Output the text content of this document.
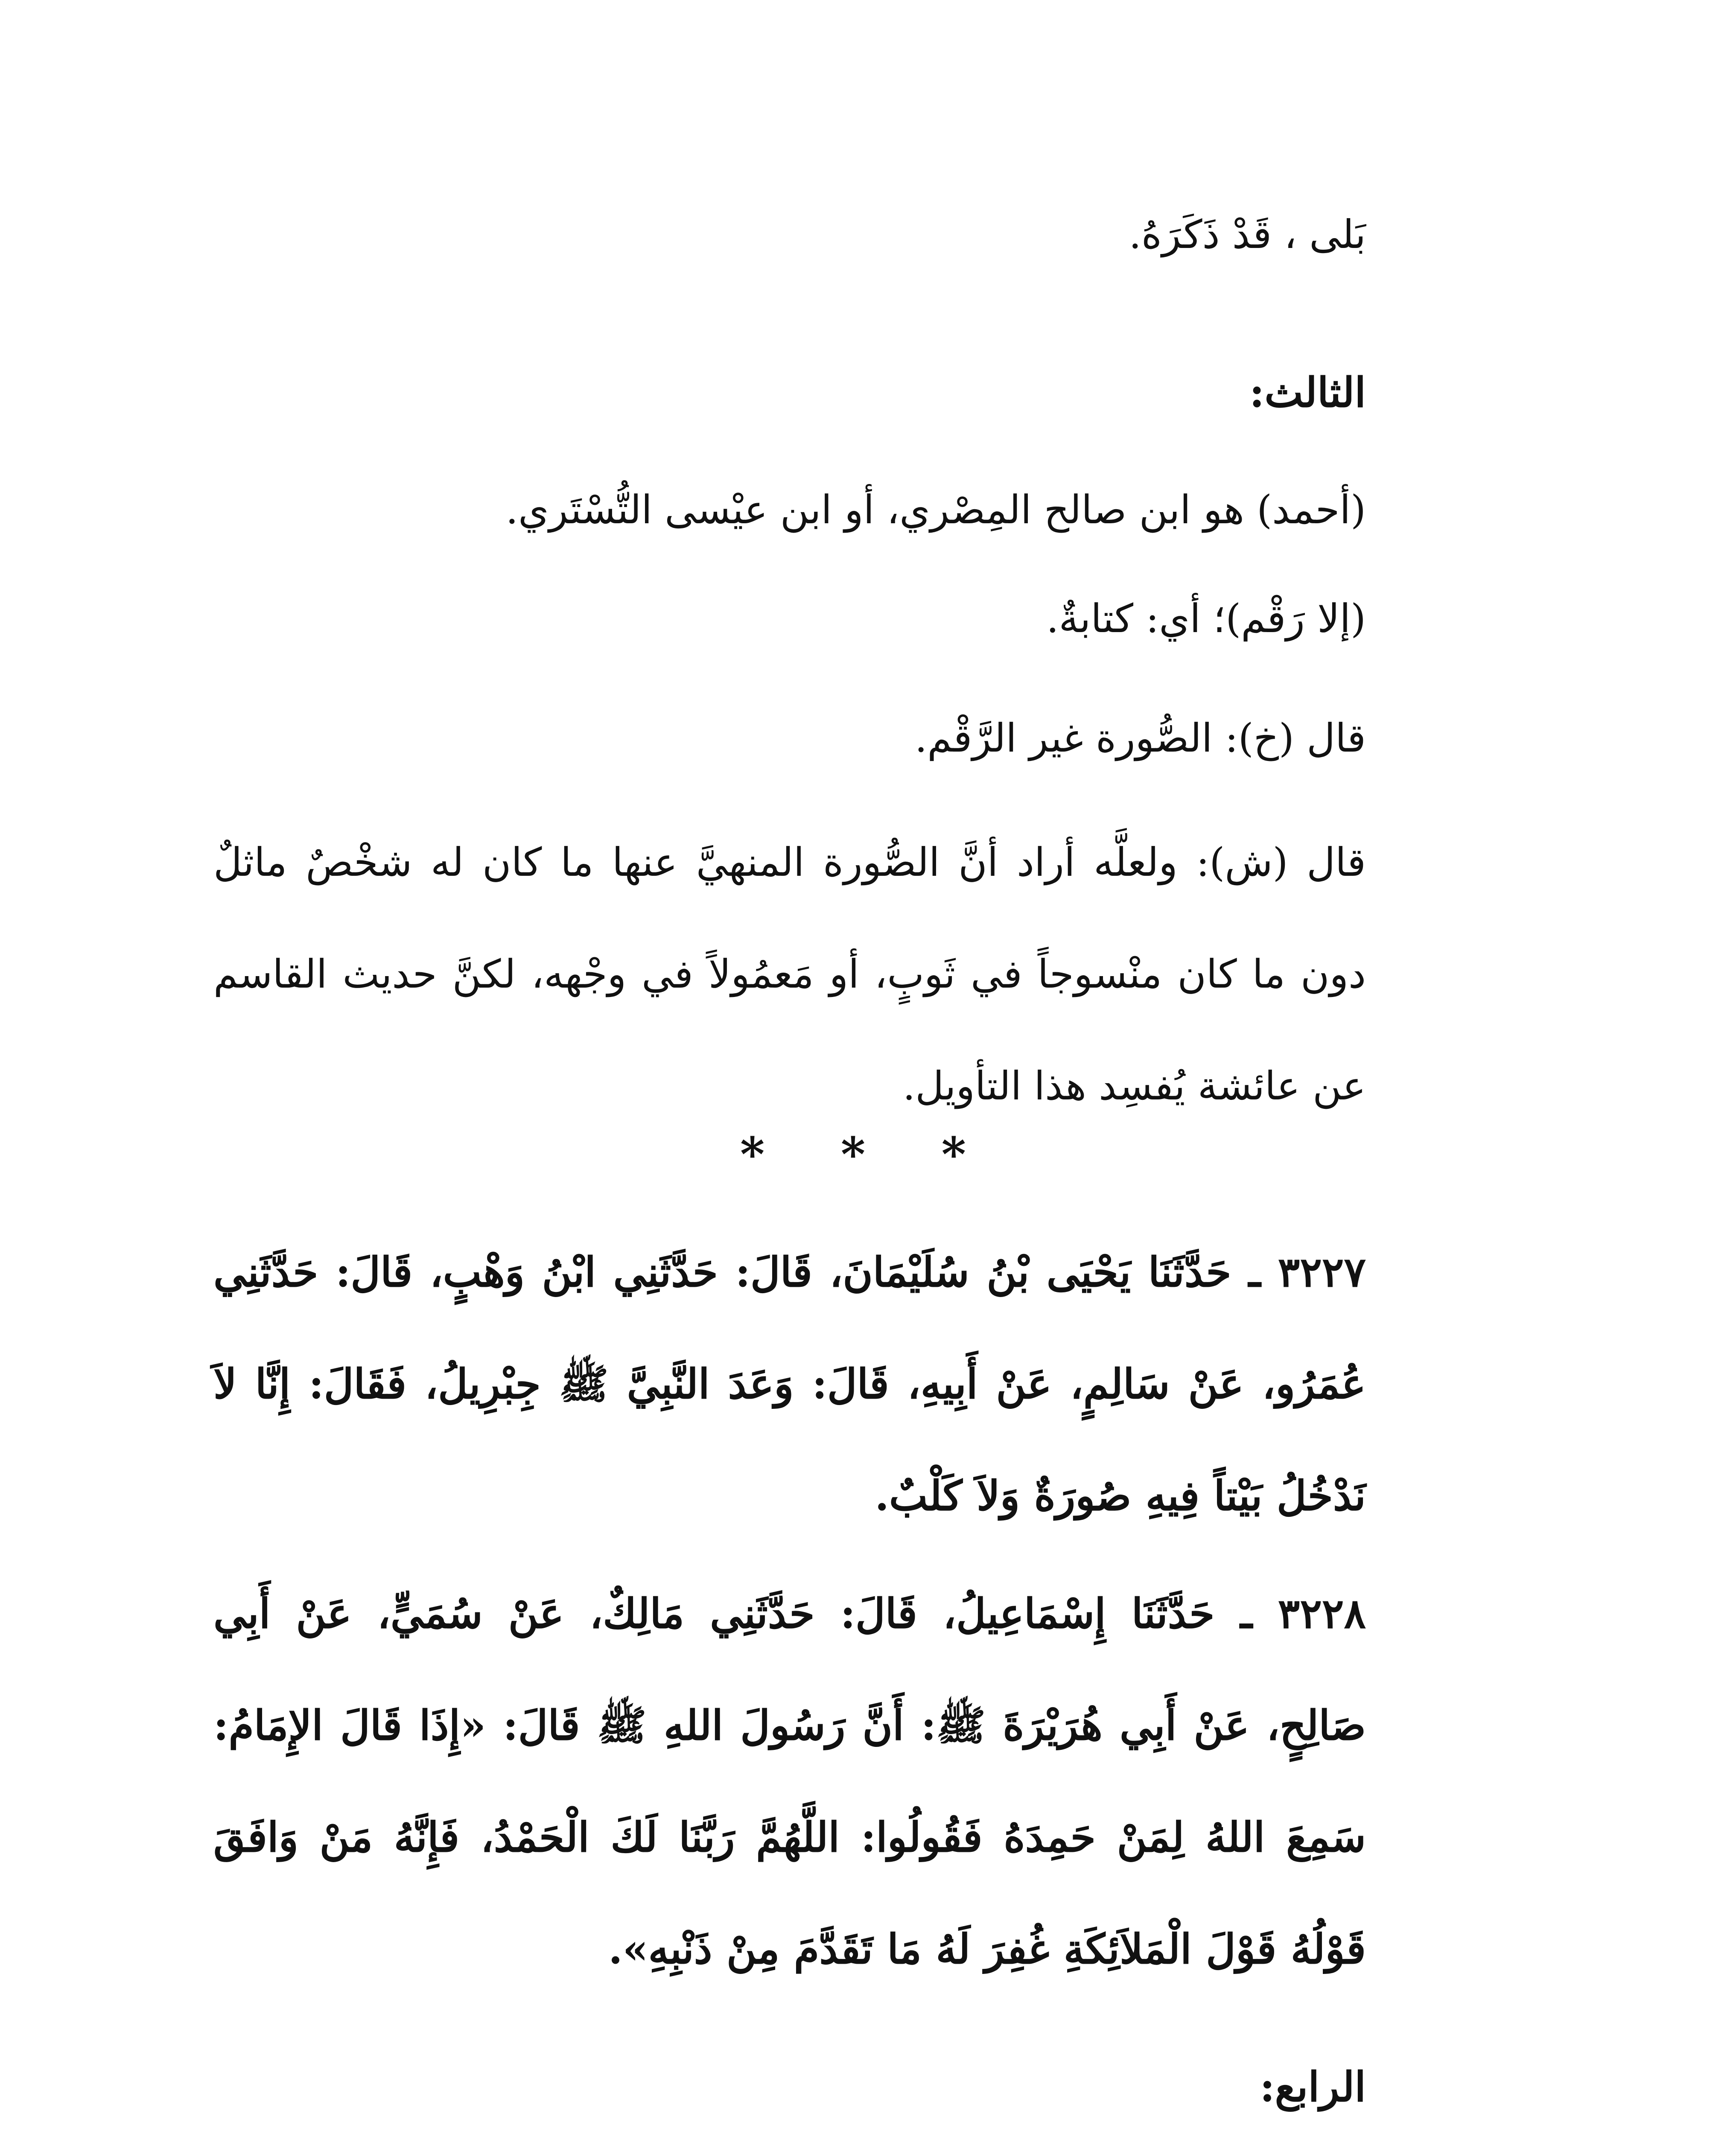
بَلى ، قَدْ ذَكَرَهُ.
الثالث:
(أحمد) هو ابن صالح المِصْري، أو ابن عيْسى التُّسْتَري.
(إلا رَقْم)؛ أي: كتابةٌ.
قال (خ): الصُّورة غير الرَّقْم.
قال (ش): ولعلَّه أراد أنَّ الصُّورة المنهيَّ عنها ما كان له شخْصٌ ماثلٌ دون ما كان منْسوجاً في ثَوبٍ، أو مَعمُولاً في وجْهه، لكنَّ حديث القاسم عن عائشة يُفسِد هذا التأويل.
* * *
٣٢٢٧ ـ حَدَّثَنَا يَحْيَى بْنُ سُلَيْمَانَ، قَالَ: حَدَّثَنِي ابْنُ وَهْبٍ، قَالَ: حَدَّثَنِي عُمَرُو، عَنْ سَالِمٍ، عَنْ أَبِيهِ، قَالَ: وَعَدَ النَّبِيَّ ﷺ جِبْرِيلُ، فَقَالَ: إِنَّا لاَ نَدْخُلُ بَيْتاً فِيهِ صُورَةٌ وَلاَ كَلْبٌ.
٣٢٢٨ ـ حَدَّثَنَا إِسْمَاعِيلُ، قَالَ: حَدَّثَنِي مَالِكٌ، عَنْ سُمَيٍّ، عَنْ أَبِي صَالِحٍ، عَنْ أَبِي هُرَيْرَةَ ﷺ: أَنَّ رَسُولَ اللهِ ﷺ قَالَ: «إِذَا قَالَ الإِمَامُ: سَمِعَ اللهُ لِمَنْ حَمِدَهُ فَقُولُوا: اللَّهُمَّ رَبَّنَا لَكَ الْحَمْدُ، فَإِنَّهُ مَنْ وَافَقَ قَوْلُهُ قَوْلَ الْمَلاَئِكَةِ غُفِرَ لَهُ مَا تَقَدَّمَ مِنْ ذَنْبِهِ».
الرابع:
